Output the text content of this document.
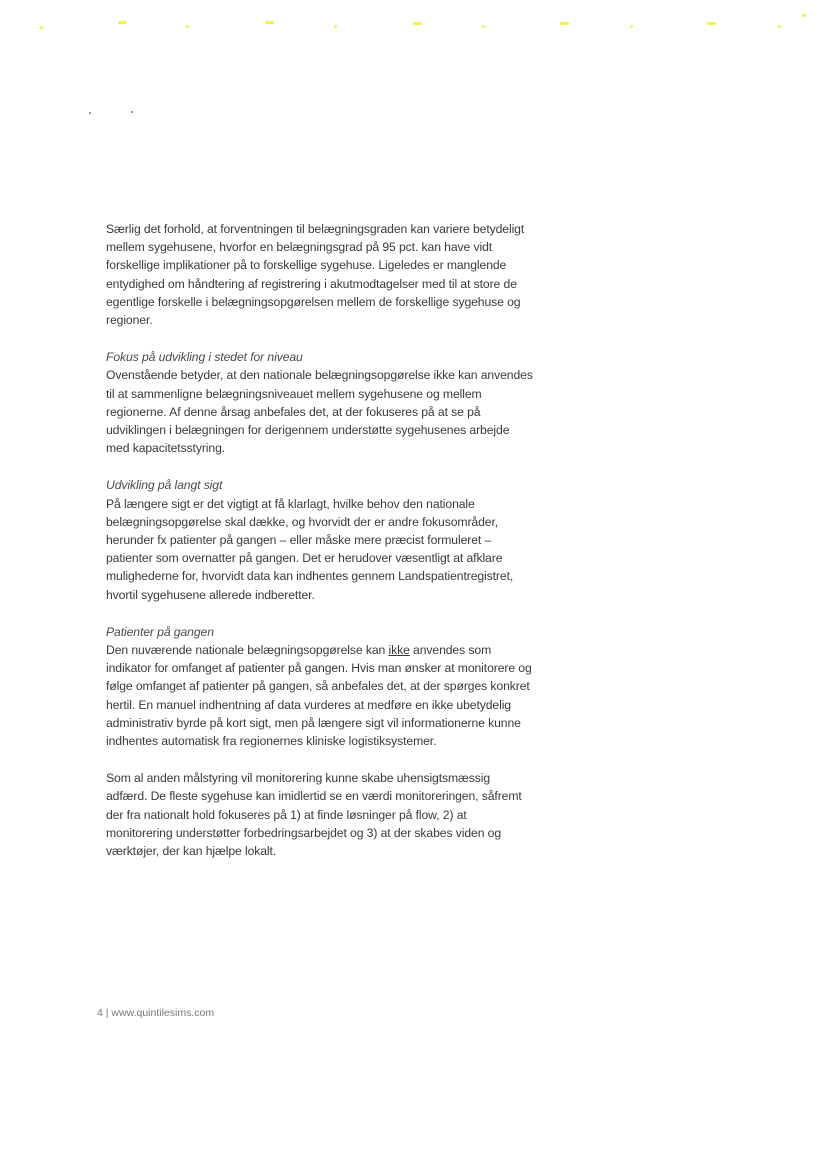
Særlig det forhold, at forventningen til belægningsgraden kan variere betydeligt mellem sygehusene, hvorfor en belægningsgrad på 95 pct. kan have vidt forskellige implikationer på to forskellige sygehuse. Ligeledes er manglende entydighed om håndtering af registrering i akutmodtagelser med til at store de egentlige forskelle i belægningsopgørelsen mellem de forskellige sygehuse og regioner.

Fokus på udvikling i stedet for niveau

Ovenstående betyder, at den nationale belægningsopgørelse ikke kan anvendes til at sammenligne belægningsniveauet mellem sygehusene og mellem regionerne. Af denne årsag anbefales det, at der fokuseres på at se på udviklingen i belægningen for derigennem understøtte sygehusenes arbejde med kapacitetsstyring.

Udvikling på langt sigt

På længere sigt er det vigtigt at få klarlagt, hvilke behov den nationale belægningsopgørelse skal dække, og hvorvidt der er andre fokusområder, herunder fx patienter på gangen – eller måske mere præcist formuleret – patienter som overnatter på gangen. Det er herudover væsentligt at afklare mulighederne for, hvorvidt data kan indhentes gennem Landspatientregistret, hvortil sygehusene allerede indberetter.

Patienter på gangen

Den nuværende nationale belægningsopgørelse kan ikke anvendes som indikator for omfanget af patienter på gangen. Hvis man ønsker at monitorere og følge omfanget af patienter på gangen, så anbefales det, at der spørges konkret hertil. En manuel indhentning af data vurderes at medføre en ikke ubetydelig administrativ byrde på kort sigt, men på længere sigt vil informationerne kunne indhentes automatisk fra regionernes kliniske logistiksystemer.

Som al anden målstyring vil monitorering kunne skabe uhensigtsmæssig adfærd. De fleste sygehuse kan imidlertid se en værdi monitoreringen, såfremt der fra nationalt hold fokuseres på 1) at finde løsninger på flow, 2) at monitorering understøtter forbedringsarbejdet og 3) at der skabes viden og værktøjer, der kan hjælpe lokalt.

4 | www.quintilesims.com
